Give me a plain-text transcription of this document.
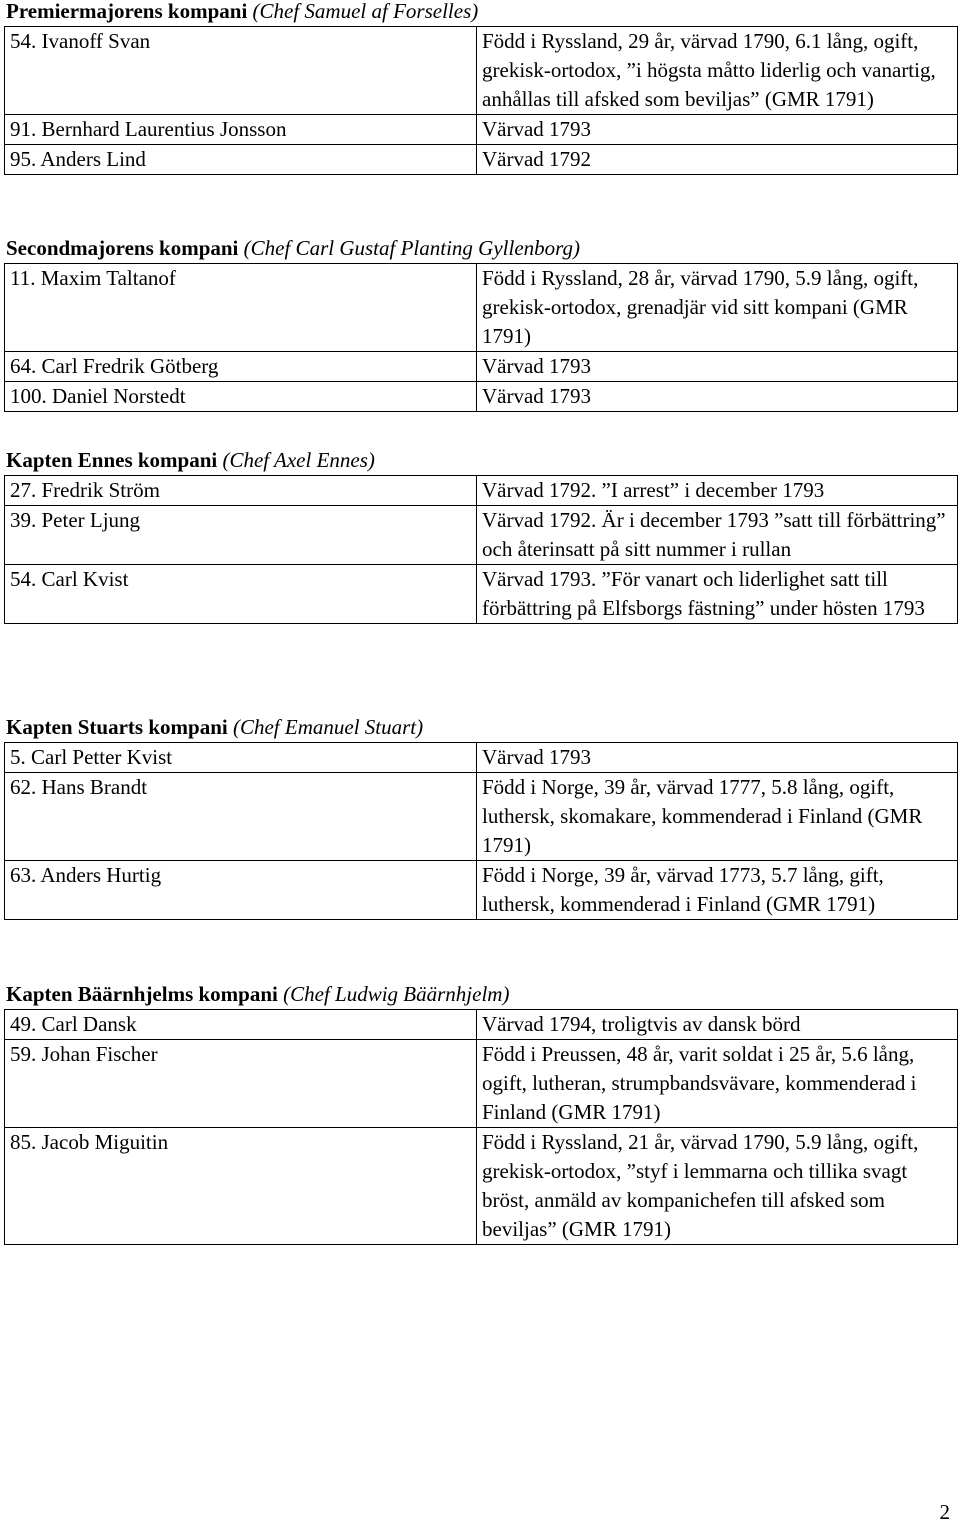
Premiermajorens kompani (Chef Samuel af Forselles)

54. Ivanoff Svan	Född i Ryssland, 29 år, värvad 1790, 6.1 lång, ogift, grekisk-ortodox, ”i högsta måtto liderlig och vanartig, anhållas till afsked som beviljas” (GMR 1791)
91. Bernhard Laurentius Jonsson	Värvad 1793
95. Anders Lind	Värvad 1792

Secondmajorens kompani (Chef Carl Gustaf Planting Gyllenborg)

11. Maxim Taltanof	Född i Ryssland, 28 år, värvad 1790, 5.9 lång, ogift, grekisk-ortodox, grenadjär vid sitt kompani (GMR 1791)
64. Carl Fredrik Götberg	Värvad 1793
100. Daniel Norstedt	Värvad 1793

Kapten Ennes kompani (Chef Axel Ennes)

27. Fredrik Ström	Värvad 1792. ”I arrest” i december 1793
39. Peter Ljung	Värvad 1792. Är i december 1793 ”satt till förbättring” och återinsatt på sitt nummer i rullan
54. Carl Kvist	Värvad 1793. ”För vanart och liderlighet satt till förbättring på Elfsborgs fästning” under hösten 1793

Kapten Stuarts kompani (Chef Emanuel Stuart)

5. Carl Petter Kvist	Värvad 1793
62. Hans Brandt	Född i Norge, 39 år, värvad 1777, 5.8 lång, ogift, luthersk, skomakare, kommenderad i Finland (GMR 1791)
63. Anders Hurtig	Född i Norge, 39 år, värvad 1773, 5.7 lång, gift, luthersk, kommenderad i Finland (GMR 1791)

Kapten Bäärnhjelms kompani (Chef Ludwig Bäärnhjelm)

49. Carl Dansk	Värvad 1794, troligtvis av dansk börd
59. Johan Fischer	Född i Preussen, 48 år, varit soldat i 25 år, 5.6 lång, ogift, lutheran, strumpbandsvävare, kommenderad i Finland (GMR 1791)
85. Jacob Miguitin	Född i Ryssland, 21 år, värvad 1790, 5.9 lång, ogift, grekisk-ortodox, ”styf i lemmarna och tillika svagt bröst, anmäld av kompanichefen till afsked som beviljas” (GMR 1791)
2
